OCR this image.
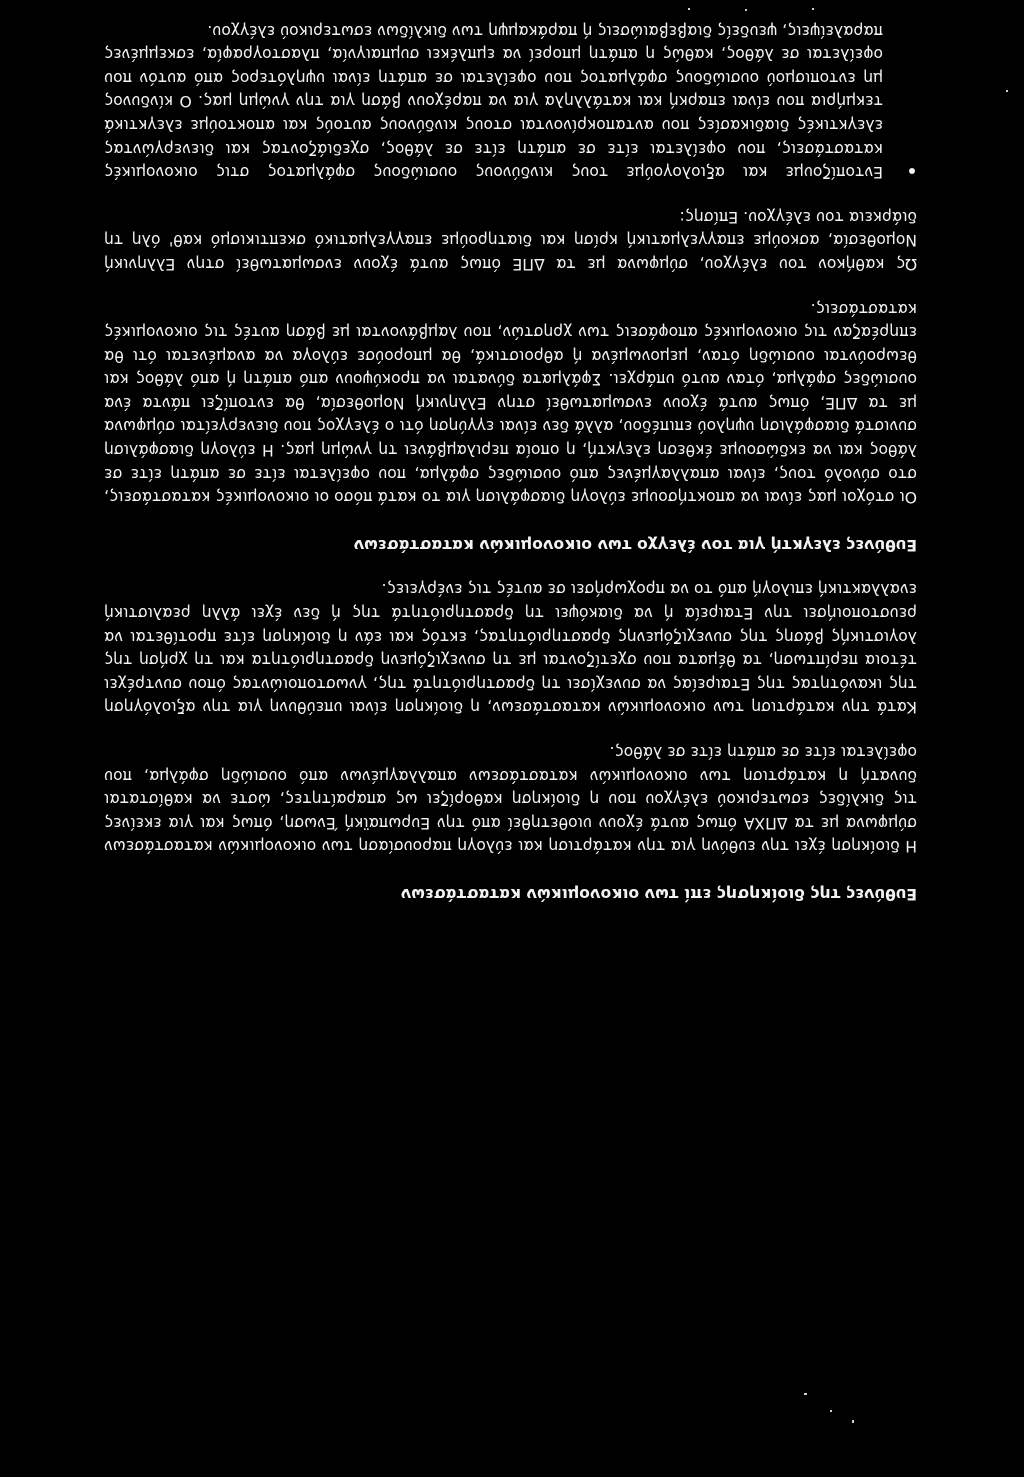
Ευθύνες της διοίκησης επί των οικονομικών καταστάσεων
Η διοίκηση έχει την ευθύνη για την κατάρτιση και εύλογη παρουσίαση των οικονομικών καταστάσεων σύμφωνα με τα ΔΠΧΑ όπως αυτά έχουν υιοθετηθεί από την Ευρωπαϊκή Ένωση, όπως και για εκείνες τις δικλίδες εσωτερικού ελέγχου που η διοίκηση καθορίζει ως απαραίτητες, ώστε να καθίσταται δυνατή η κατάρτιση των οικονομικών καταστάσεων απαλλαγμένων από ουσιώδη σφάλμα, που οφείλεται είτε σε απάτη είτε σε λάθος.
Κατά την κατάρτιση των οικονομικών καταστάσεων, η διοίκηση είναι υπεύθυνη για την αξιολόγηση της ικανότητας της Εταιρείας να συνεχίσει τη δραστηριότητά της, γνωστοποιώντας όπου συντρέχει τέτοια περίπτωση, τα θέματα που σχετίζονται με τη συνεχιζόμενη δραστηριότητα και τη χρήση της λογιστικής βάσης της συνεχιζόμενης δραστηριότητας, εκτός και εάν η διοίκηση είτε προτίθεται να ρευστοποιήσει την Εταιρεία ή να διακόψει τη δραστηριότητά της ή δεν έχει άλλη ρεαλιστική εναλλακτική επιλογή από το να προχωρήσει σε αυτές τις ενέργειες.
Ευθύνες ελεγκτή για τον έλεγχο των οικονομικών καταστάσεων
Οι στόχοι μας είναι να αποκτήσουμε εύλογη διασφάλιση για το κατά πόσο οι οικονομικές καταστάσεις, στο σύνολό τους, είναι απαλλαγμένες από ουσιώδες σφάλμα, που οφείλεται είτε σε απάτη είτε σε λάθος και να εκδώσουμε έκθεση ελεγκτή, η οποία περιλαμβάνει τη γνώμη μας. Η εύλογη διασφάλιση συνιστά διασφάλιση υψηλού επιπέδου, αλλά δεν είναι εγγύηση ότι ο έλεγχος που διενεργείται σύμφωνα με τα ΔΠΕ, όπως αυτά έχουν ενσωματωθεί στην Ελληνική Νομοθεσία, θα εντοπίζει πάντα ένα ουσιώδες σφάλμα, όταν αυτό υπάρχει. Σφάλματα δύναται να προκύψουν από απάτη ή από λάθος και θεωρούνται ουσιώδη όταν, μεμονωμένα ή αθροιστικά, θα μπορούσε εύλογα να αναμένεται ότι θα επηρέαζαν τις οικονομικές αποφάσεις των χρηστών, που λαμβάνονται με βάση αυτές τις οικονομικές καταστάσεις.
Ως καθήκον του ελέγχου, σύμφωνα με τα ΔΠΕ όπως αυτά έχουν ενσωματωθεί στην Ελληνική Νομοθεσία, ασκούμε επαγγελματική κρίση και διατηρούμε επαγγελματικό σκεπτικισμό καθ' όλη τη διάρκεια του ελέγχου. Επίσης:
Εντοπίζουμε και αξιολογούμε τους κινδύνους ουσιώδους σφάλματος στις οικονομικές καταστάσεις, που οφείλεται είτε σε απάτη είτε σε λάθος, σχεδιάζοντας και διενεργώντας ελεγκτικές διαδικασίες που ανταποκρίνονται στους κινδύνους αυτούς και αποκτούμε ελεγκτικά τεκμήρια που είναι επαρκή και κατάλληλα για να παρέχουν βάση για την γνώμη μας. Ο κίνδυνος μη εντοπισμού ουσιώδους σφάλματος που οφείλεται σε απάτη είναι υψηλότερος από αυτόν που οφείλεται σε λάθος, καθώς η απάτη μπορεί να εμπλέκει συμπαιγνία, πλαστογραφία, εσκεμμένες παραλείψεις, ψευδείς διαβεβαιώσεις ή παράκαμψη των δικλίδων εσωτερικού ελέγχου.
